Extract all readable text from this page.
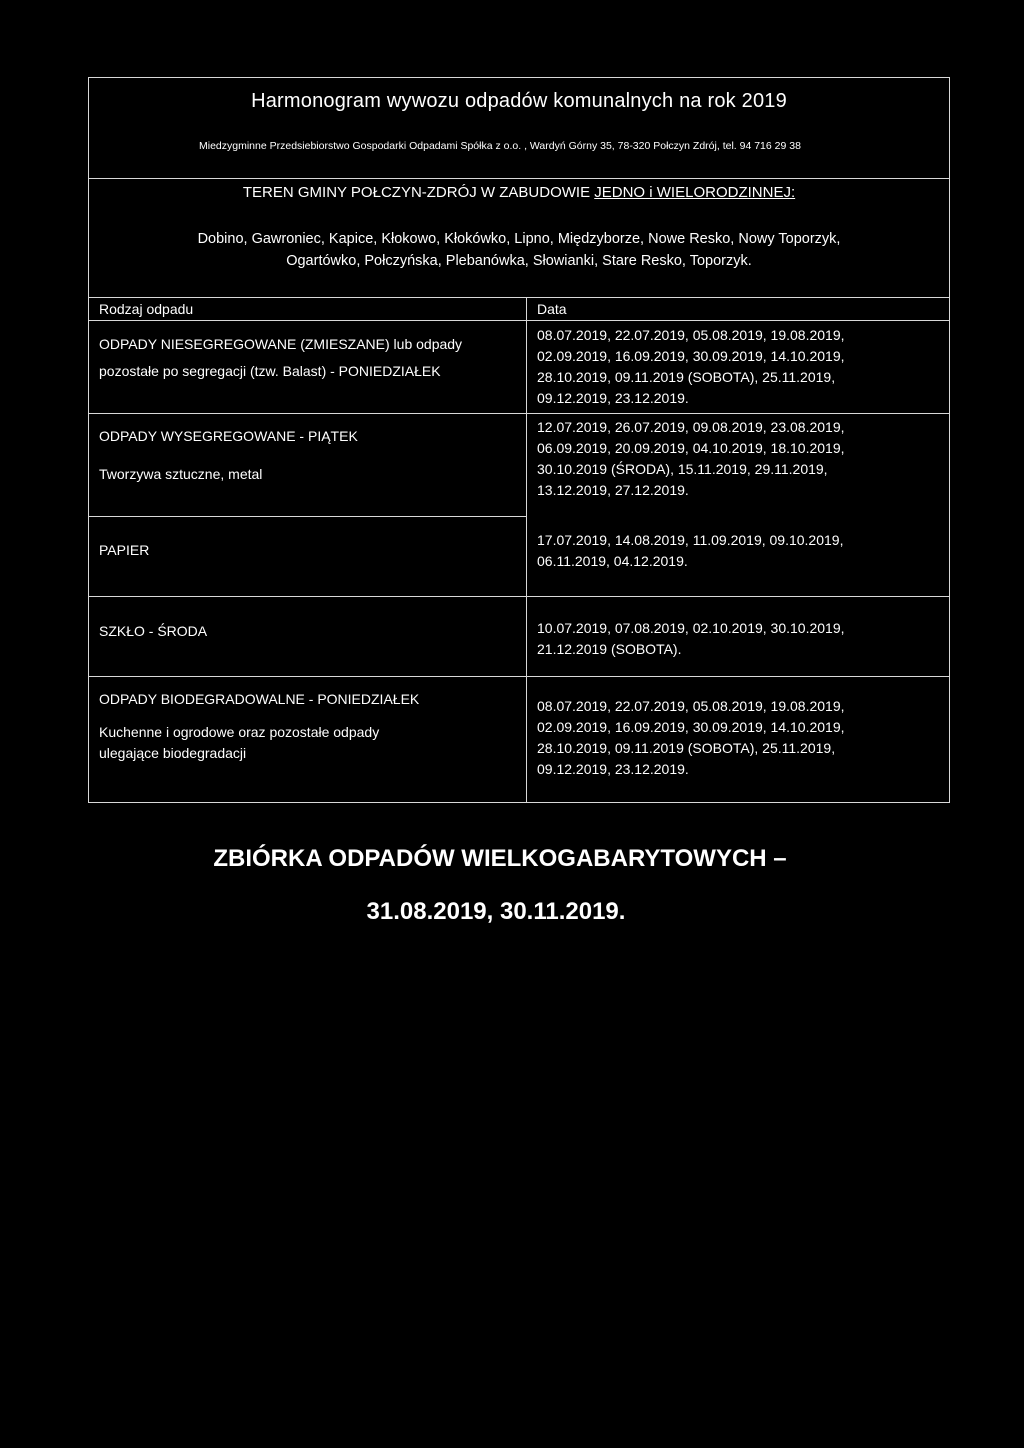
Harmonogram wywozu odpadów komunalnych na rok 2019
Miedzygminne Przedsiebiorstwo Gospodarki Odpadami Spółka z o.o. , Wardyń Górny 35, 78-320 Połczyn Zdrój, tel. 94 716 29 38
TEREN GMINY POŁCZYN-ZDRÓJ W ZABUDOWIE JEDNO i WIELORODZINNEJ:
Dobino, Gawroniec, Kapice, Kłokowo, Kłokówko, Lipno, Międzyborze, Nowe Resko, Nowy Toporzyk,
Ogartówko, Połczyńska, Plebanówka, Słowianki, Stare Resko, Toporzyk.
Rodzaj odpadu	Data
ODPADY NIESEGREGOWANE (ZMIESZANE) lub odpady
pozostałe po segregacji (tzw. Balast) - PONIEDZIAŁEK
08.07.2019, 22.07.2019, 05.08.2019, 19.08.2019,
02.09.2019, 16.09.2019, 30.09.2019, 14.10.2019,
28.10.2019, 09.11.2019 (SOBOTA), 25.11.2019,
09.12.2019, 23.12.2019.
ODPADY WYSEGREGOWANE - PIĄTEK
Tworzywa sztuczne, metal
12.07.2019, 26.07.2019, 09.08.2019, 23.08.2019,
06.09.2019, 20.09.2019, 04.10.2019, 18.10.2019,
30.10.2019 (ŚRODA), 15.11.2019, 29.11.2019,
13.12.2019, 27.12.2019.
PAPIER
17.07.2019, 14.08.2019, 11.09.2019, 09.10.2019,
06.11.2019, 04.12.2019.
SZKŁO - ŚRODA	10.07.2019, 07.08.2019, 02.10.2019, 30.10.2019,
21.12.2019 (SOBOTA).
ODPADY BIODEGRADOWALNE - PONIEDZIAŁEK
Kuchenne i ogrodowe oraz pozostałe odpady
ulegające biodegradacji
08.07.2019, 22.07.2019, 05.08.2019, 19.08.2019,
02.09.2019, 16.09.2019, 30.09.2019, 14.10.2019,
28.10.2019, 09.11.2019 (SOBOTA), 25.11.2019,
09.12.2019, 23.12.2019.
ZBIÓRKA ODPADÓW WIELKOGABARYTOWYCH –
31.08.2019, 30.11.2019.
